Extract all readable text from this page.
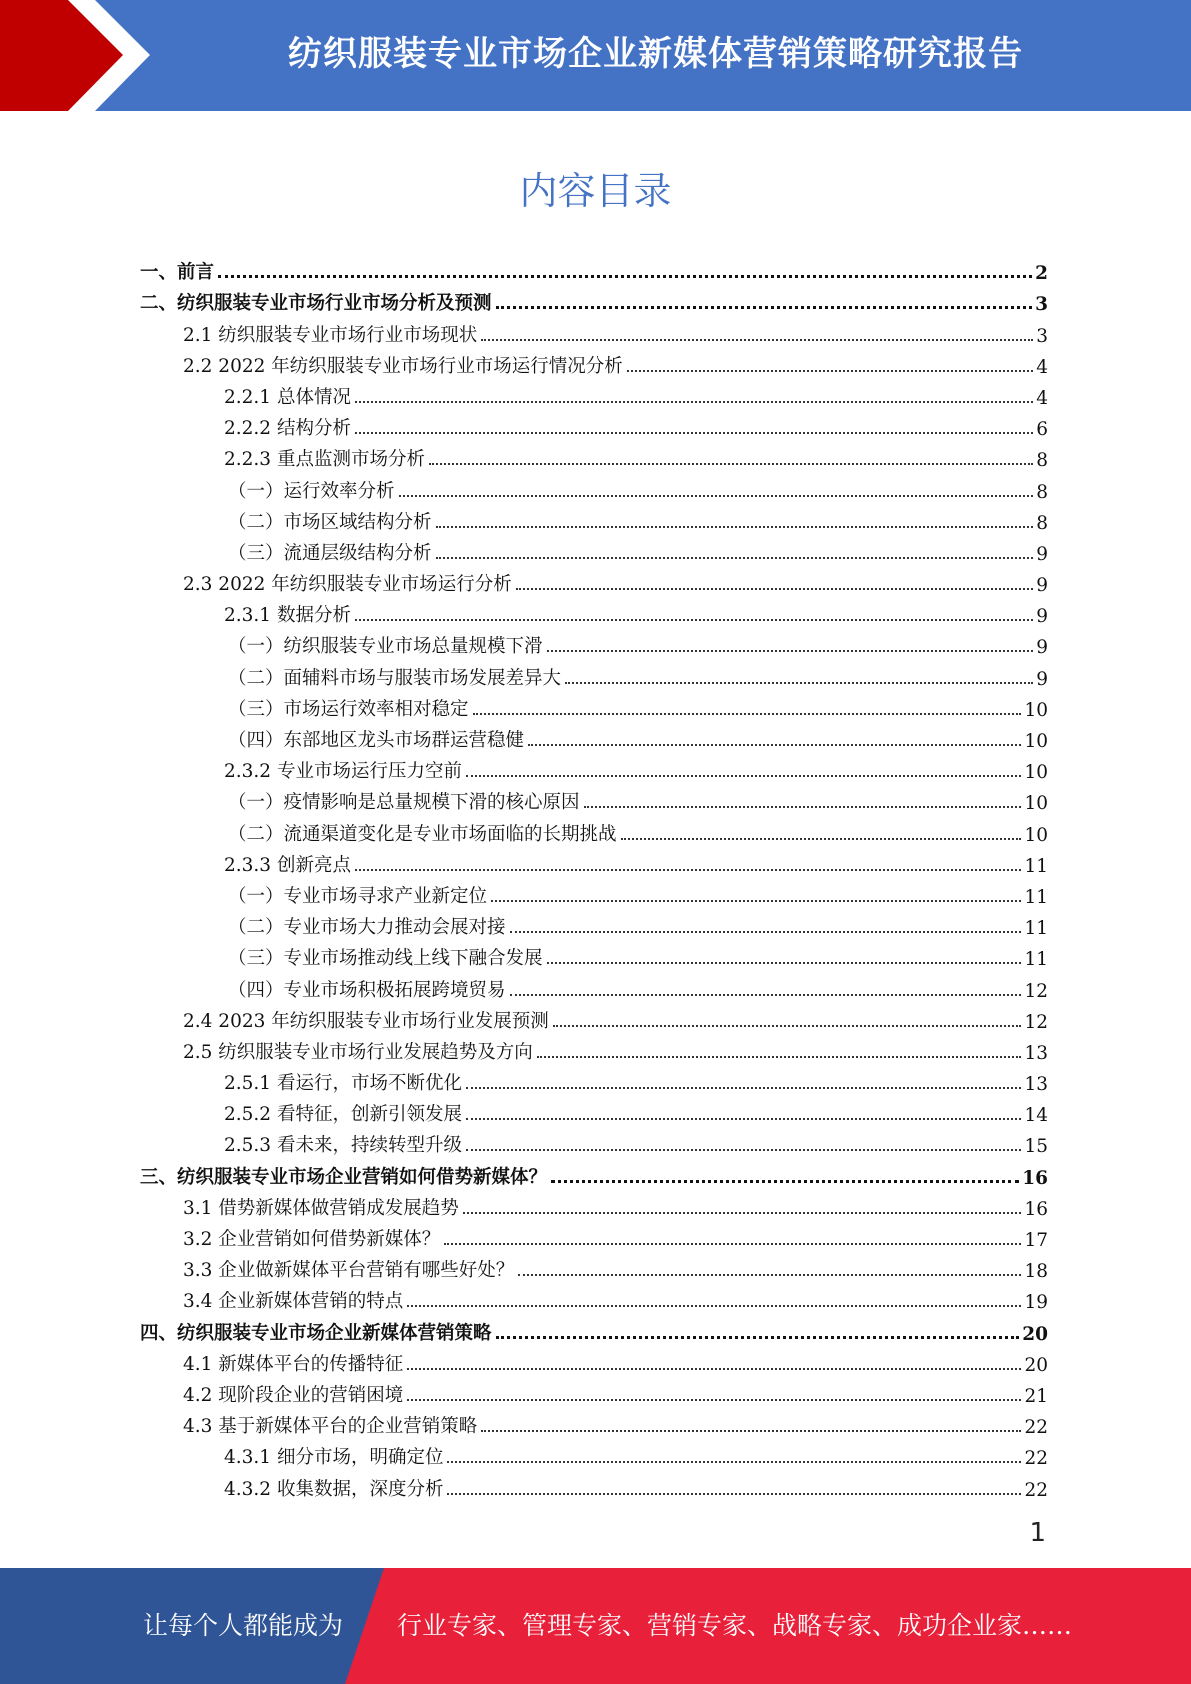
纺织服装专业市场企业新媒体营销策略研究报告
内容目录
一、前言	2
二、纺织服装专业市场行业市场分析及预测	3
2.1 纺织服装专业市场行业市场现状	3
2.2 2022 年纺织服装专业市场行业市场运行情况分析	4
2.2.1 总体情况	4
2.2.2 结构分析	6
2.2.3 重点监测市场分析	8
（一）运行效率分析	8
（二）市场区域结构分析	8
（三）流通层级结构分析	9
2.3 2022 年纺织服装专业市场运行分析	9
2.3.1 数据分析	9
（一）纺织服装专业市场总量规模下滑	9
（二）面辅料市场与服装市场发展差异大	9
（三）市场运行效率相对稳定	10
（四）东部地区龙头市场群运营稳健	10
2.3.2 专业市场运行压力空前	10
（一）疫情影响是总量规模下滑的核心原因	10
（二）流通渠道变化是专业市场面临的长期挑战	10
2.3.3 创新亮点	11
（一）专业市场寻求产业新定位	11
（二）专业市场大力推动会展对接	11
（三）专业市场推动线上线下融合发展	11
（四）专业市场积极拓展跨境贸易	12
2.4 2023 年纺织服装专业市场行业发展预测	12
2.5 纺织服装专业市场行业发展趋势及方向	13
2.5.1 看运行，市场不断优化	13
2.5.2 看特征，创新引领发展	14
2.5.3 看未来，持续转型升级	15
三、纺织服装专业市场企业营销如何借势新媒体？	16
3.1 借势新媒体做营销成发展趋势	16
3.2 企业营销如何借势新媒体？	17
3.3 企业做新媒体平台营销有哪些好处？	18
3.4 企业新媒体营销的特点	19
四、纺织服装专业市场企业新媒体营销策略	20
4.1 新媒体平台的传播特征	20
4.2 现阶段企业的营销困境	21
4.3 基于新媒体平台的企业营销策略	22
4.3.1 细分市场，明确定位	22
4.3.2 收集数据，深度分析	22
1
让每个人都能成为 行业专家、管理专家、营销专家、战略专家、成功企业家……
